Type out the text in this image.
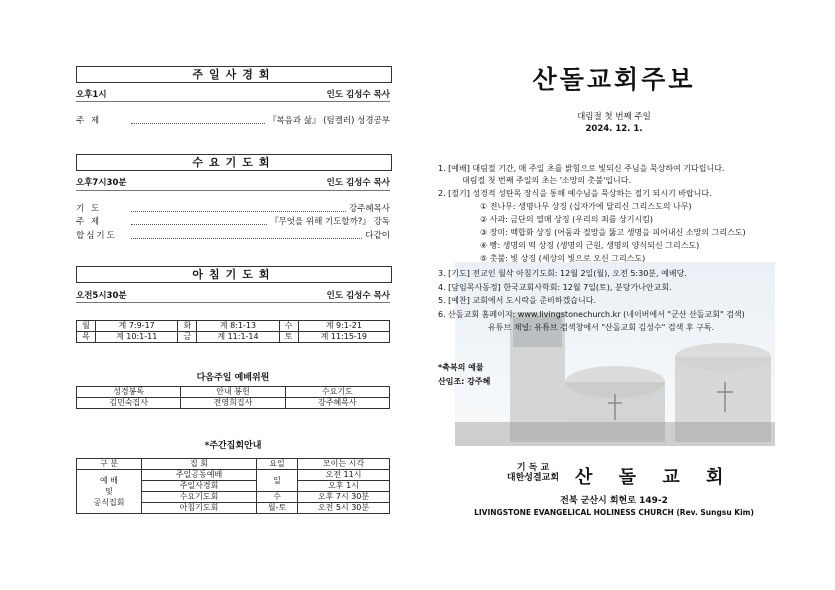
주일사경회
오후1시	인도 김성수 목사
주 제	『복음과 삶』 (팀켈러) 성경공부
수요기도회
오후7시30분	인도 김성수 목사
기 도	강주혜목사
주 제	『무엇을 위해 기도할까?』 강독
합심기도	다같이
아침기도회
오전5시30분	인도 김성수 목사
월	계 7:9-17	화	계 8:1-13	수	계 9:1-21
목	계 10:1-11	금	계 11:1-14	토	계 11:15-19
다음주일 예배위원
성경봉독	안내 봉헌	수요기도
김민숙집사	전영희집사	강주혜목사
*주간집회안내
구 분	집 회	요일	모이는 시각

예 배
및
공식집회	주일공동예배	일	오전 11시
	주일사경회		오후 1시
	수요기도회	수	오후 7시 30분
	아침기도회	월-토	오전 5시 30분
산돌교회주보
대림절 첫 번째 주일
2024. 12. 1.
1. [예배] 대림절 기간, 매 주일 초를 밝힘으로 빛되신 주님을 묵상하여 기다립니다.
대림절 첫 번째 주일의 초는 '소망의 촛불'입니다.
2. [절기] 성경적 성탄목 장식을 통해 예수님을 묵상하는 절기 되시기 바랍니다.
① 전나무: 생명나무 상징 (십자가에 달리신 그리스도의 나무)
② 사과: 금단의 열매 상징 (우리의 죄를 상기시킴)
③ 장미: 백합화 상징 (어둠과 절망을 뚫고 생명을 피어내신 소망의 그리스도)
④ 빵: 생명의 떡 상징 (생명의 근원, 생명의 양식되신 그리스도)
⑤ 촛불: 빛 상징 (세상의 빛으로 오신 그리스도)
3. [기도] 전교인 월삭 아침기도회: 12월 2일(월), 오전 5:30분, 예배당.
4. [담임목사동정] 한국교회사학회: 12월 7일(토), 분당가나안교회.
5. [예찬] 교회에서 도시락을 준비하겠습니다.
6. 산돌교회 홈페이지: www.livingstonechurch.kr (네이버에서 "군산 산돌교회" 검색)
유튜브 채널: 유튜브 검색창에서 "산돌교회 김성수" 검색 후 구독.
*축복의 예물
산임조: 강주혜
기 독 교
대한성결교회 산 돌 교 회
전북 군산시 회현로 149-2
LIVINGSTONE EVANGELICAL HOLINESS CHURCH (Rev. Sungsu Kim)
